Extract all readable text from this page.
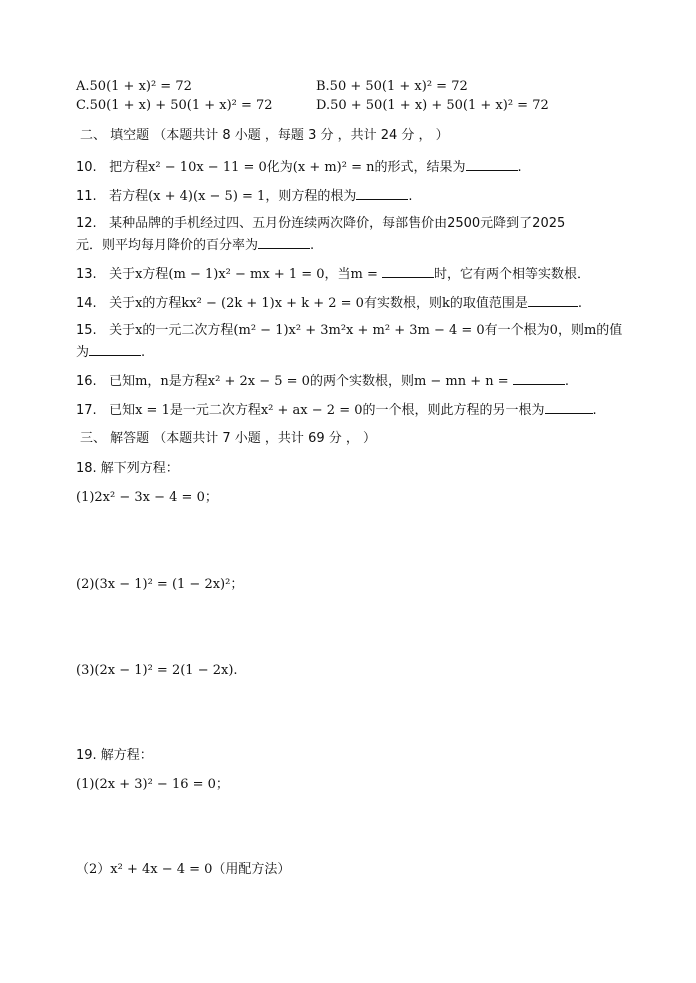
A.50(1 + x)² = 72	B.50 + 50(1 + x)² = 72
C.50(1 + x) + 50(1 + x)² = 72	D.50 + 50(1 + x) + 50(1 + x)² = 72
二、 填空题 （本题共计 8 小题 ，每题 3 分 ，共计 24 分 ， ）
10. 把方程x² − 10x − 11 = 0化为(x + m)² = n的形式，结果为	.
11. 若方程(x + 4)(x − 5) = 1，则方程的根为	.
12. 某种品牌的手机经过四、五月份连续两次降价，每部售价由2500元降到了2025
元．则平均每月降价的百分率为	.
13. 关于x方程(m − 1)x² − mx + 1 = 0，当m =	时，它有两个相等实数根．
14. 关于x的方程kx² − (2k + 1)x + k + 2 = 0有实数根，则k的取值范围是	.
15. 关于x的一元二次方程(m² − 1)x² + 3m²x + m² + 3m − 4 = 0有一个根为0，则m的值
为	.
16. 已知m，n是方程x² + 2x − 5 = 0的两个实数根，则m − mn + n =	.
17. 已知x = 1是一元二次方程x² + ax − 2 = 0的一个根，则此方程的另一根为	.
三、 解答题 （本题共计 7 小题 ，共计 69 分 ， ）
18. 解下列方程：
(1)2x² − 3x − 4 = 0；
(2)(3x − 1)² = (1 − 2x)²；
(3)(2x − 1)² = 2(1 − 2x).
19. 解方程：
(1)(2x + 3)² − 16 = 0；
（2）x² + 4x − 4 = 0（用配方法）
